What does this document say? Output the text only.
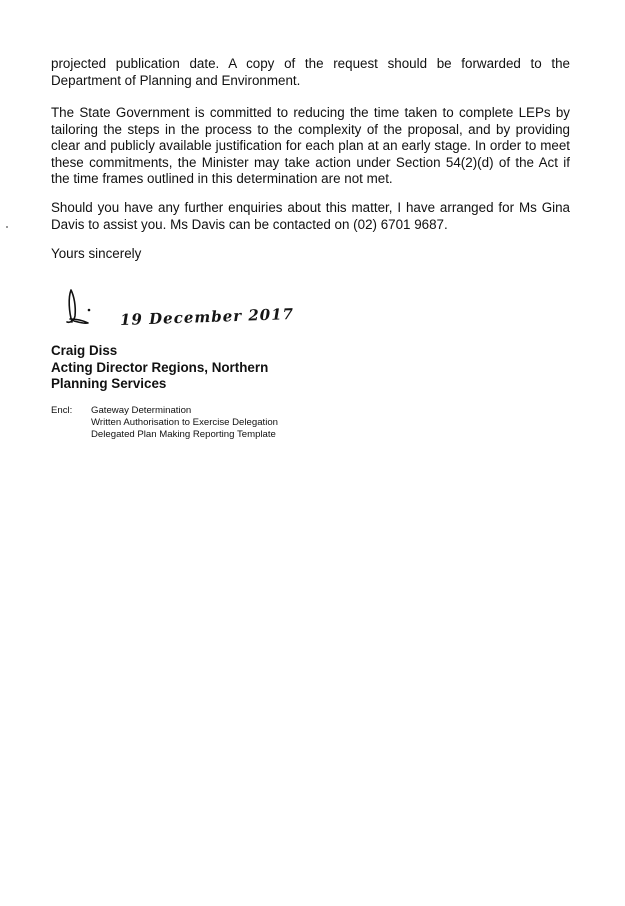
projected publication date. A copy of the request should be forwarded to the Department of Planning and Environment.

The State Government is committed to reducing the time taken to complete LEPs by tailoring the steps in the process to the complexity of the proposal, and by providing clear and publicly available justification for each plan at an early stage. In order to meet these commitments, the Minister may take action under Section 54(2)(d) of the Act if the time frames outlined in this determination are not met.

Should you have any further enquiries about this matter, I have arranged for Ms Gina Davis to assist you. Ms Davis can be contacted on (02) 6701 9687.

Yours sincerely

19 December 2017
Craig Diss
Acting Director Regions, Northern
Planning Services
Encl: Gateway Determination
Written Authorisation to Exercise Delegation
Delegated Plan Making Reporting Template
